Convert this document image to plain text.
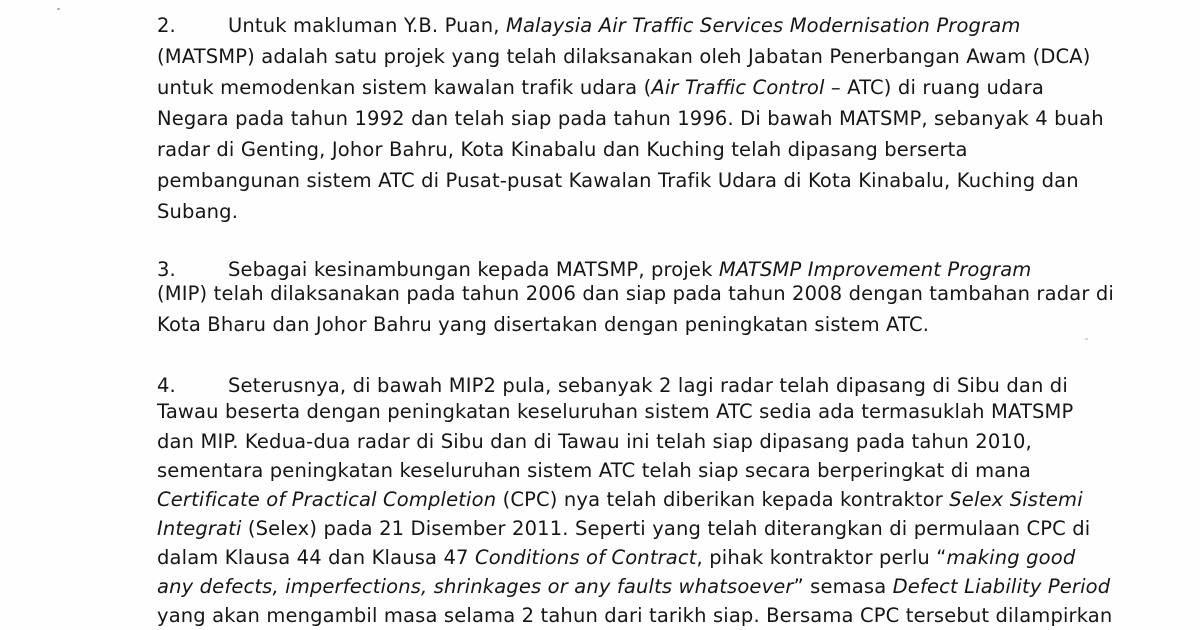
2.	Untuk makluman Y.B. Puan, Malaysia Air Traffic Services Modernisation Program
(MATSMP) adalah satu projek yang telah dilaksanakan oleh Jabatan Penerbangan Awam (DCA)
untuk memodenkan sistem kawalan trafik udara (Air Traffic Control – ATC) di ruang udara
Negara pada tahun 1992 dan telah siap pada tahun 1996. Di bawah MATSMP, sebanyak 4 buah
radar di Genting, Johor Bahru, Kota Kinabalu dan Kuching telah dipasang berserta
pembangunan sistem ATC di Pusat-pusat Kawalan Trafik Udara di Kota Kinabalu, Kuching dan
Subang.
3.	Sebagai kesinambungan kepada MATSMP, projek MATSMP Improvement Program
(MIP) telah dilaksanakan pada tahun 2006 dan siap pada tahun 2008 dengan tambahan radar di
Kota Bharu dan Johor Bahru yang disertakan dengan peningkatan sistem ATC.
4.	Seterusnya, di bawah MIP2 pula, sebanyak 2 lagi radar telah dipasang di Sibu dan di
Tawau beserta dengan peningkatan keseluruhan sistem ATC sedia ada termasuklah MATSMP
dan MIP. Kedua-dua radar di Sibu dan di Tawau ini telah siap dipasang pada tahun 2010,
sementara peningkatan keseluruhan sistem ATC telah siap secara berperingkat di mana
Certificate of Practical Completion (CPC) nya telah diberikan kepada kontraktor Selex Sistemi
Integrati (Selex) pada 21 Disember 2011. Seperti yang telah diterangkan di permulaan CPC di
dalam Klausa 44 dan Klausa 47 Conditions of Contract, pihak kontraktor perlu “making good
any defects, imperfections, shrinkages or any faults whatsoever” semasa Defect Liability Period
yang akan mengambil masa selama 2 tahun dari tarikh siap. Bersama CPC tersebut dilampirkan
